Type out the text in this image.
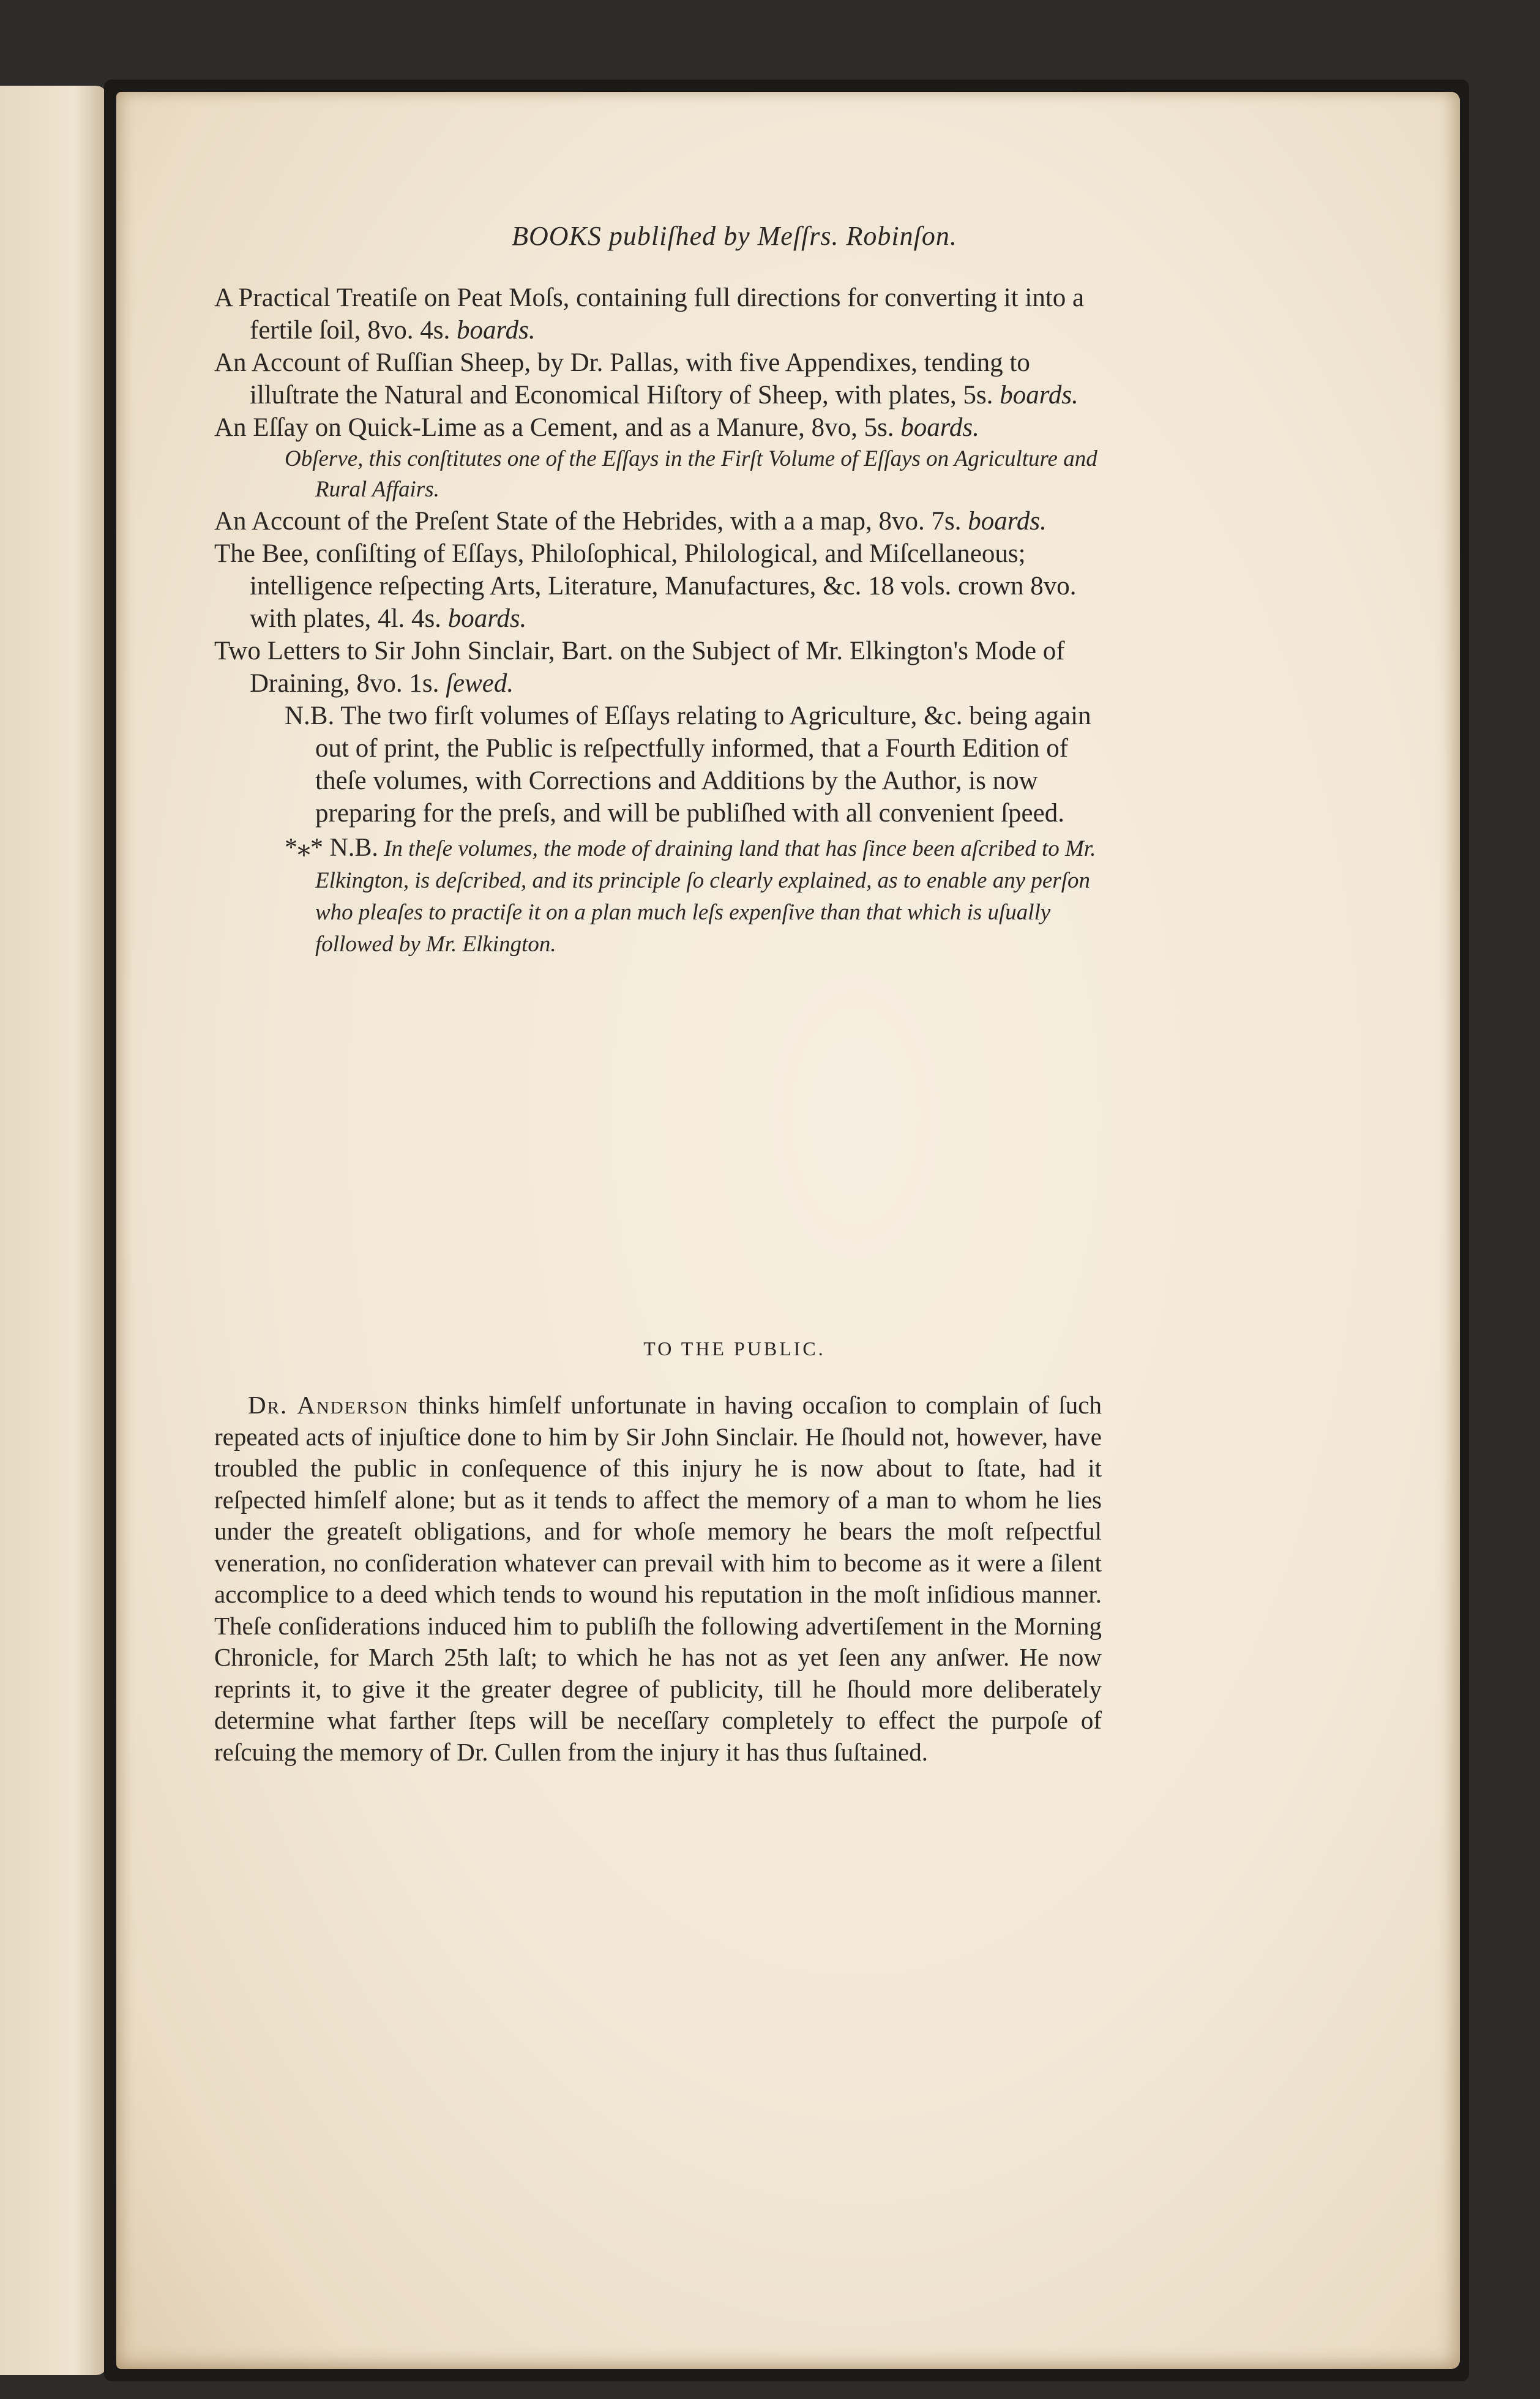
BOOKS publiſhed by Meſſrs. Robinſon.

A Practical Treatiſe on Peat Moſs, containing full directions for converting it into a fertile ſoil, 8vo. 4s. boards.

An Account of Ruſſian Sheep, by Dr. Pallas, with five Appendixes, tending to illuſtrate the Natural and Economical Hiſtory of Sheep, with plates, 5s. boards.

An Eſſay on Quick-Lime as a Cement, and as a Manure, 8vo, 5s. boards.

Obſerve, this conſtitutes one of the Eſſays in the Firſt Volume of Eſſays on Agriculture and Rural Affairs.

An Account of the Preſent State of the Hebrides, with a a map, 8vo. 7s. boards.

The Bee, conſiſting of Eſſays, Philoſophical, Philological, and Miſcellaneous; intelligence reſpecting Arts, Literature, Manufactures, &c. 18 vols. crown 8vo. with plates, 4l. 4s. boards.

Two Letters to Sir John Sinclair, Bart. on the Subject of Mr. Elkington's Mode of Draining, 8vo. 1s. ſewed.

N.B. The two firſt volumes of Eſſays relating to Agriculture, &c. being again out of print, the Public is reſpectfully informed, that a Fourth Edition of theſe volumes, with Corrections and Additions by the Author, is now preparing for the preſs, and will be publiſhed with all convenient ſpeed.

*⁎* N.B. In theſe volumes, the mode of draining land that has ſince been aſcribed to Mr. Elkington, is deſcribed, and its principle ſo clearly explained, as to enable any perſon who pleaſes to practiſe it on a plan much leſs expenſive than that which is uſually followed by Mr. Elkington.

TO THE PUBLIC.

Dr. Anderson thinks himſelf unfortunate in having occaſion to complain of ſuch repeated acts of injuſtice done to him by Sir John Sinclair. He ſhould not, however, have troubled the public in conſequence of this injury he is now about to ſtate, had it reſpected himſelf alone; but as it tends to affect the memory of a man to whom he lies under the greateſt obligations, and for whoſe memory he bears the moſt reſpectful veneration, no conſideration whatever can prevail with him to become as it were a ſilent accomplice to a deed which tends to wound his reputation in the moſt inſidious manner. Theſe conſiderations induced him to publiſh the following advertiſement in the Morning Chronicle, for March 25th laſt; to which he has not as yet ſeen any anſwer. He now reprints it, to give it the greater degree of publicity, till he ſhould more deliberately determine what farther ſteps will be neceſſary completely to effect the purpoſe of reſcuing the memory of Dr. Cullen from the injury it has thus ſuſtained.
